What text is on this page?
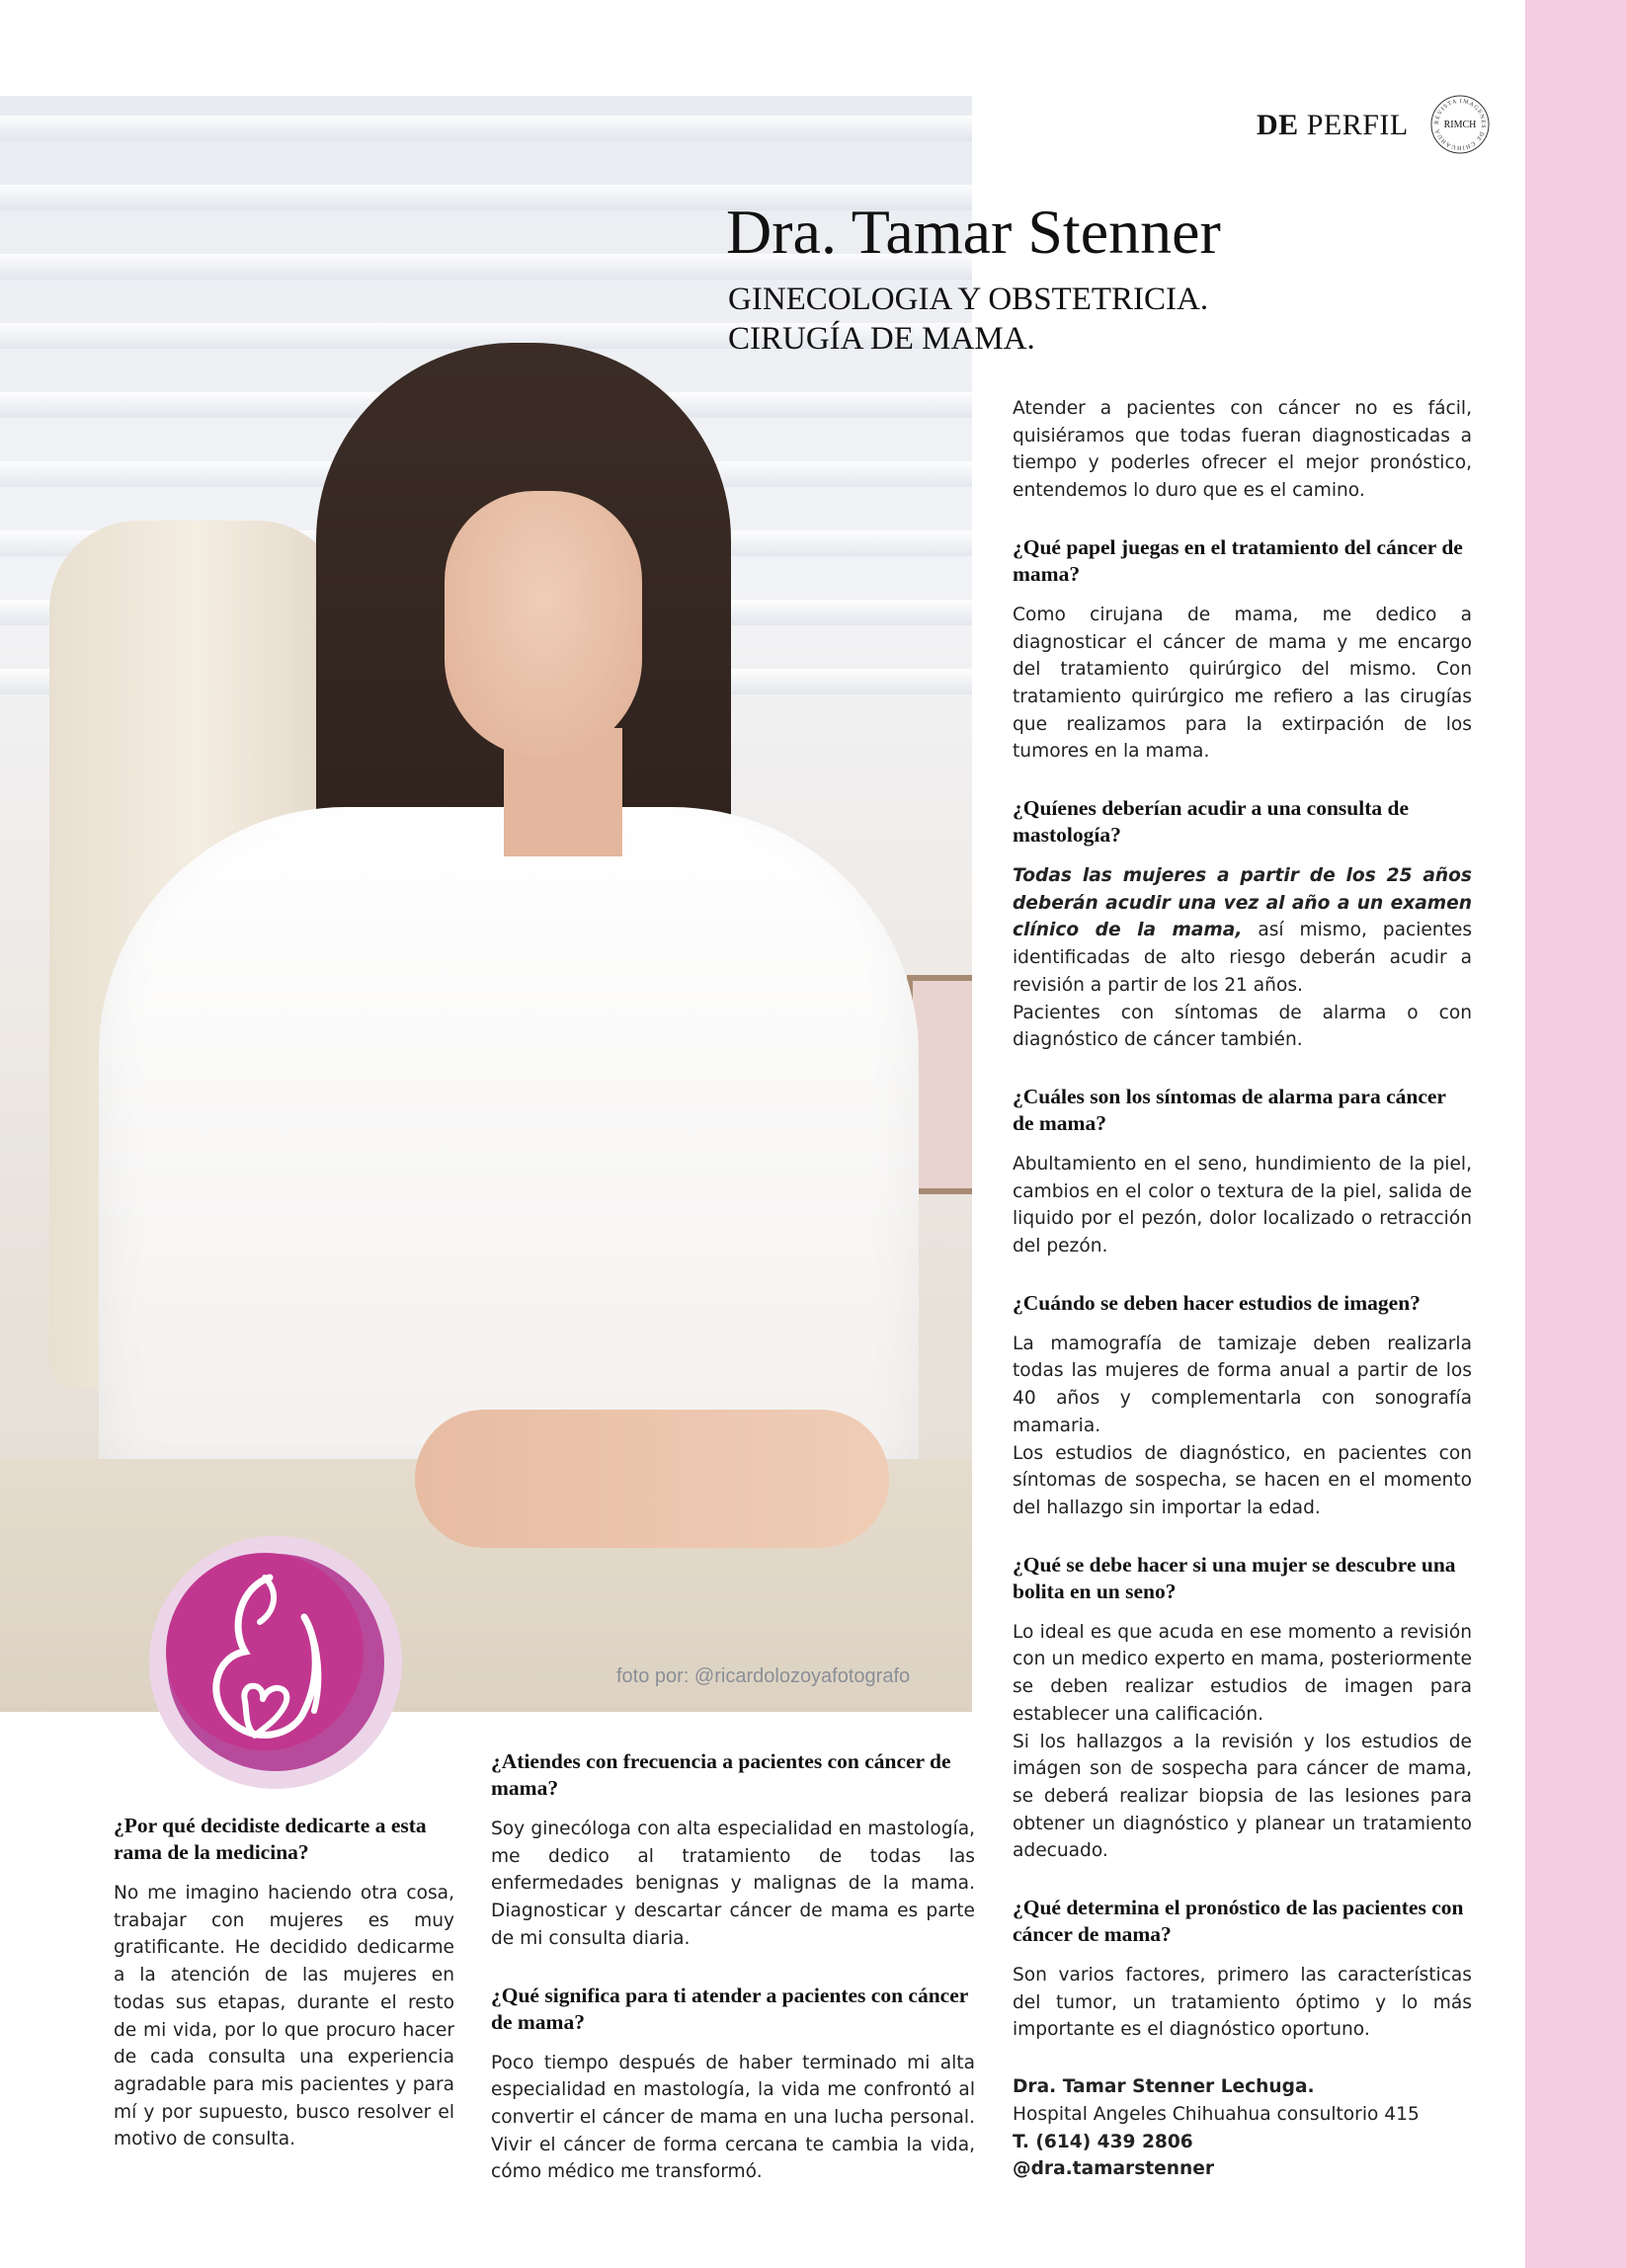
foto por: @ricardolozoyafotografo
DE PERFIL	REVISTA IMAGENES DE CHIHUAHUA
RIMCH
Dra. Tamar Stenner
GINECOLOGIA Y OBSTETRICIA.
CIRUGÍA DE MAMA.

Atender a pacientes con cáncer no es fácil, quisiéramos que todas fueran diagnosticadas a tiempo y poderles ofrecer el mejor pronóstico, entendemos lo duro que es el camino.

¿Qué papel juegas en el tratamiento del cáncer de mama?

Como cirujana de mama, me dedico a diagnosticar el cáncer de mama y me encargo del tratamiento quirúrgico del mismo. Con tratamiento quirúrgico me refiero a las cirugías que realizamos para la extirpación de los tumores en la mama.

¿Quíenes deberían acudir a una consulta de mastología?

Todas las mujeres a partir de los 25 años deberán acudir una vez al año a un examen clínico de la mama, así mismo, pacientes identificadas de alto riesgo deberán acudir a revisión a partir de los 21 años.

Pacientes con síntomas de alarma o con diagnóstico de cáncer también.

¿Cuáles son los síntomas de alarma para cáncer de mama?

Abultamiento en el seno, hundimiento de la piel, cambios en el color o textura de la piel, salida de liquido por el pezón, dolor localizado o retracción del pezón.

¿Cuándo se deben hacer estudios de imagen?

La mamografía de tamizaje deben realizarla todas las mujeres de forma anual a partir de los 40 años y complementarla con sonografía mamaria.

Los estudios de diagnóstico, en pacientes con síntomas de sospecha, se hacen en el momento del hallazgo sin importar la edad.

¿Qué se debe hacer si una mujer se descubre una bolita en un seno?

Lo ideal es que acuda en ese momento a revisión con un medico experto en mama, posteriormente se deben realizar estudios de imagen para establecer una calificación.

Si los hallazgos a la revisión y los estudios de imágen son de sospecha para cáncer de mama, se deberá realizar biopsia de las lesiones para obtener un diagnóstico y planear un tratamiento adecuado.

¿Qué determina el pronóstico de las pacientes con cáncer de mama?

Son varios factores, primero las características del tumor, un tratamiento óptimo y lo más importante es el diagnóstico oportuno.

Dra. Tamar Stenner Lechuga.
Hospital Angeles Chihuahua consultorio 415
T. (614) 439 2806
@dra.tamarstenner

¿Por qué decidiste dedicarte a esta rama de la medicina?

No me imagino haciendo otra cosa, trabajar con mujeres es muy gratificante. He decidido dedicarme a la atención de las mujeres en todas sus etapas, durante el resto de mi vida, por lo que procuro hacer de cada consulta una experiencia agradable para mis pacientes y para mí y por supuesto, busco resolver el motivo de consulta.

¿Atiendes con frecuencia a pacientes con cáncer de mama?

Soy ginecóloga con alta especialidad en mastología, me dedico al tratamiento de todas las enfermedades benignas y malignas de la mama. Diagnosticar y descartar cáncer de mama es parte de mi consulta diaria.

¿Qué significa para ti atender a pacientes con cáncer de mama?

Poco tiempo después de haber terminado mi alta especialidad en mastología, la vida me confrontó al convertir el cáncer de mama en una lucha personal. Vivir el cáncer de forma cercana te cambia la vida, cómo médico me transformó.
